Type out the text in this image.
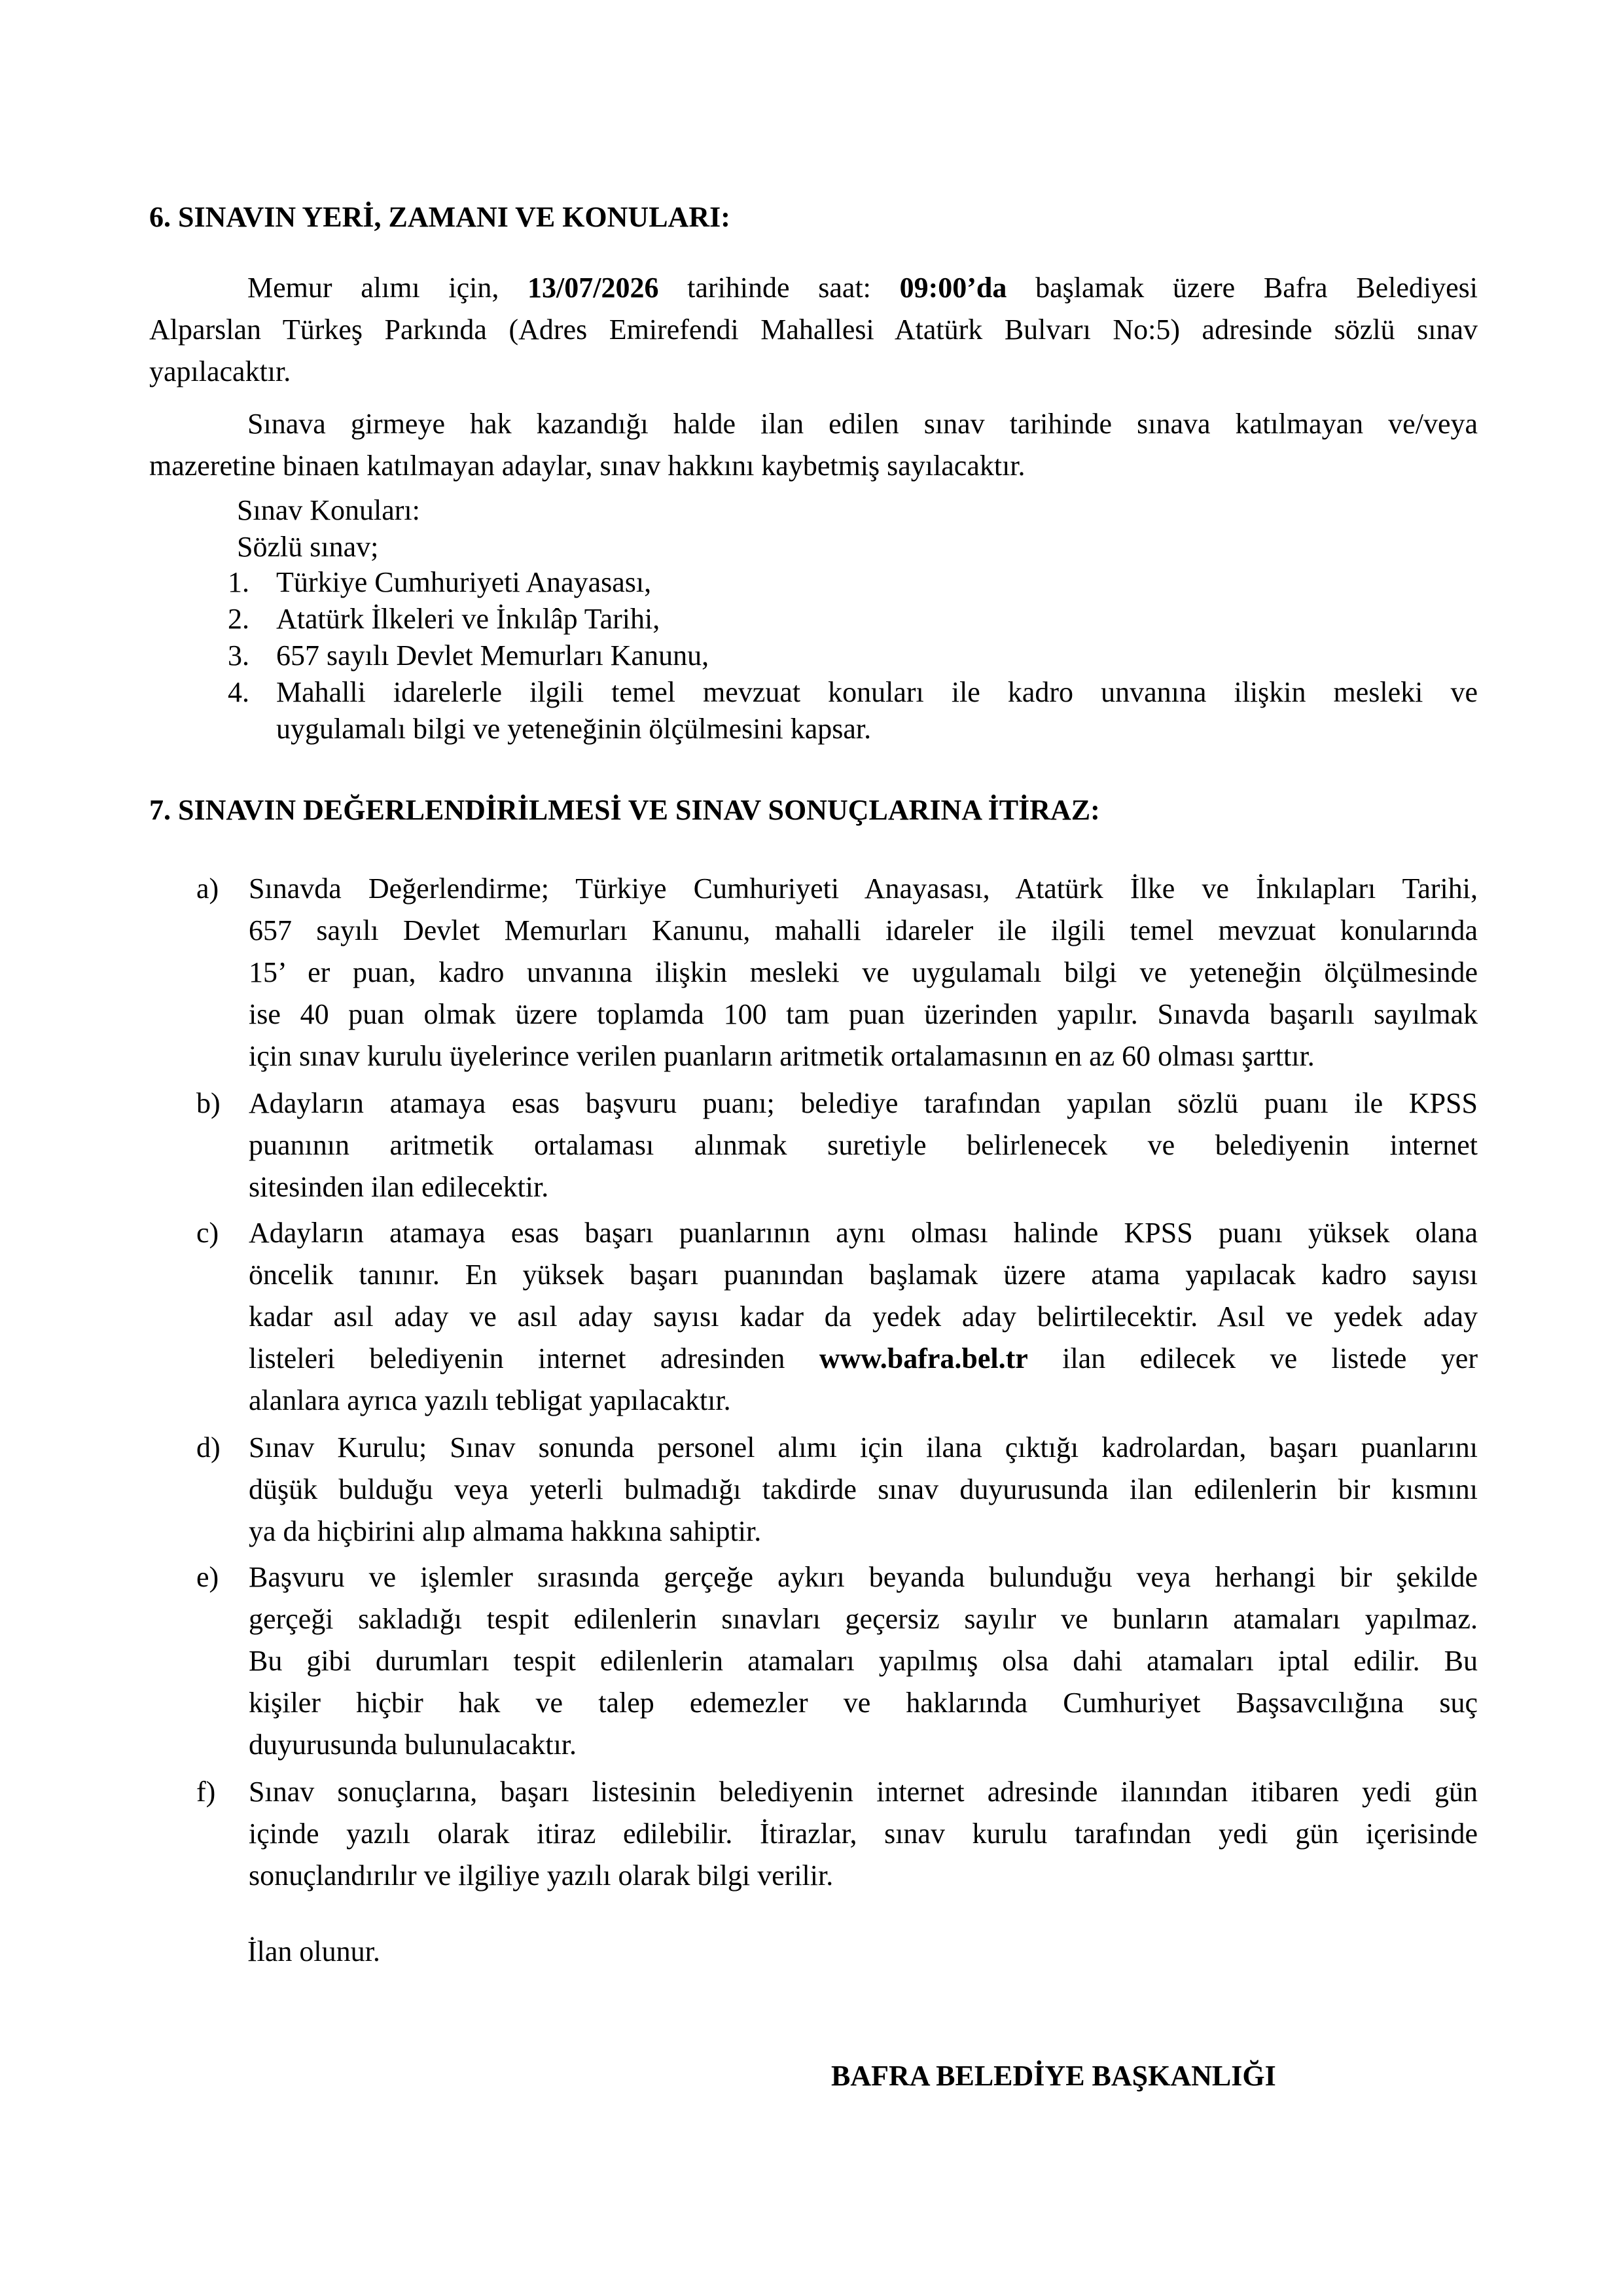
6. SINAVIN YERİ, ZAMANI VE KONULARI:
Memur alımı için, 13/07/2026 tarihinde saat: 09:00’da başlamak üzere Bafra Belediyesi
Alparslan Türkeş Parkında (Adres Emirefendi Mahallesi Atatürk Bulvarı No:5) adresinde sözlü sınav
yapılacaktır.
Sınava girmeye hak kazandığı halde ilan edilen sınav tarihinde sınava katılmayan ve/veya
mazeretine binaen katılmayan adaylar, sınav hakkını kaybetmiş sayılacaktır.
Sınav Konuları:
Sözlü sınav;
1. Türkiye Cumhuriyeti Anayasası,
2. Atatürk İlkeleri ve İnkılâp Tarihi,
3. 657 sayılı Devlet Memurları Kanunu,
4. Mahalli idarelerle ilgili temel mevzuat konuları ile kadro unvanına ilişkin mesleki ve
uygulamalı bilgi ve yeteneğinin ölçülmesini kapsar.
7. SINAVIN DEĞERLENDİRİLMESİ VE SINAV SONUÇLARINA İTİRAZ:
a) Sınavda Değerlendirme; Türkiye Cumhuriyeti Anayasası, Atatürk İlke ve İnkılapları Tarihi,
657 sayılı Devlet Memurları Kanunu, mahalli idareler ile ilgili temel mevzuat konularında
15’ er puan, kadro unvanına ilişkin mesleki ve uygulamalı bilgi ve yeteneğin ölçülmesinde
ise 40 puan olmak üzere toplamda 100 tam puan üzerinden yapılır. Sınavda başarılı sayılmak
için sınav kurulu üyelerince verilen puanların aritmetik ortalamasının en az 60 olması şarttır.
b) Adayların atamaya esas başvuru puanı; belediye tarafından yapılan sözlü puanı ile KPSS
puanının aritmetik ortalaması alınmak suretiyle belirlenecek ve belediyenin internet
sitesinden ilan edilecektir.
c) Adayların atamaya esas başarı puanlarının aynı olması halinde KPSS puanı yüksek olana
öncelik tanınır. En yüksek başarı puanından başlamak üzere atama yapılacak kadro sayısı
kadar asıl aday ve asıl aday sayısı kadar da yedek aday belirtilecektir. Asıl ve yedek aday
listeleri belediyenin internet adresinden www.bafra.bel.tr ilan edilecek ve listede yer
alanlara ayrıca yazılı tebligat yapılacaktır.
d) Sınav Kurulu; Sınav sonunda personel alımı için ilana çıktığı kadrolardan, başarı puanlarını
düşük bulduğu veya yeterli bulmadığı takdirde sınav duyurusunda ilan edilenlerin bir kısmını
ya da hiçbirini alıp almama hakkına sahiptir.
e) Başvuru ve işlemler sırasında gerçeğe aykırı beyanda bulunduğu veya herhangi bir şekilde
gerçeği sakladığı tespit edilenlerin sınavları geçersiz sayılır ve bunların atamaları yapılmaz.
Bu gibi durumları tespit edilenlerin atamaları yapılmış olsa dahi atamaları iptal edilir. Bu
kişiler hiçbir hak ve talep edemezler ve haklarında Cumhuriyet Başsavcılığına suç
duyurusunda bulunulacaktır.
f) Sınav sonuçlarına, başarı listesinin belediyenin internet adresinde ilanından itibaren yedi gün
içinde yazılı olarak itiraz edilebilir. İtirazlar, sınav kurulu tarafından yedi gün içerisinde
sonuçlandırılır ve ilgiliye yazılı olarak bilgi verilir.
İlan olunur.
BAFRA BELEDİYE BAŞKANLIĞI
